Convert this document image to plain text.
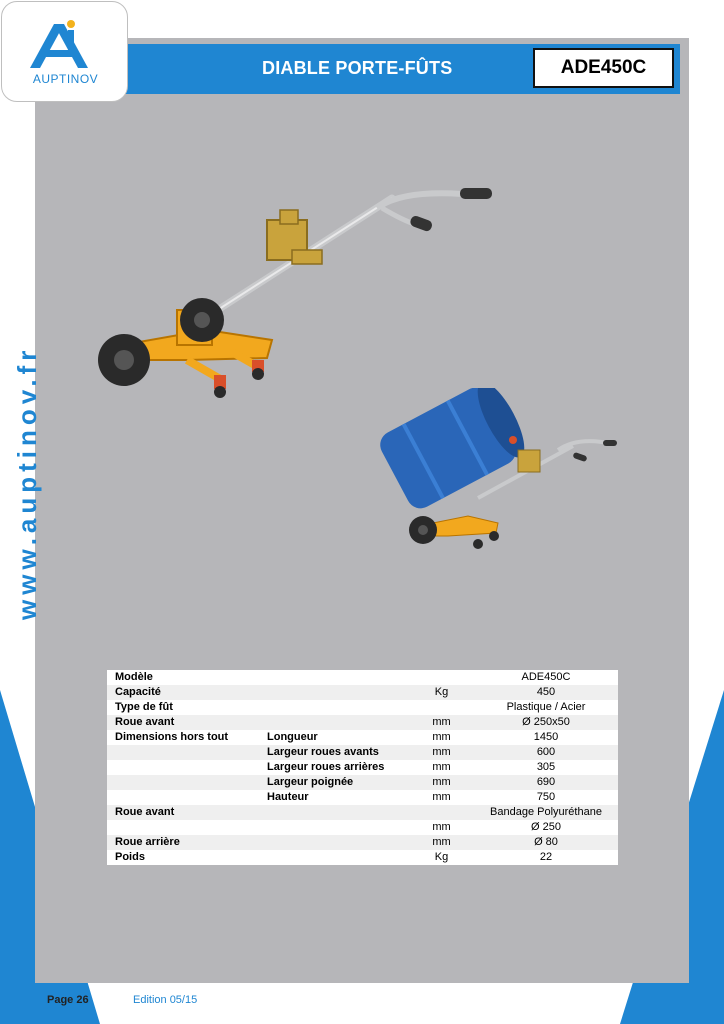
DIABLE PORTE-FÛTS	ADE450C
AUPTINOV
www.auptinov.fr
Modèle			ADE450C
Capacité		Kg	450
Type de fût			Plastique / Acier
Roue avant		mm	Ø 250x50
Dimensions hors tout	Longueur	mm	1450
	Largeur roues avants	mm	600
	Largeur roues arrières	mm	305
	Largeur poignée	mm	690
	Hauteur	mm	750
Roue avant			Bandage Polyuréthane
		mm	Ø 250
Roue arrière		mm	Ø 80
Poids		Kg	22
Page 26	Edition 05/15
